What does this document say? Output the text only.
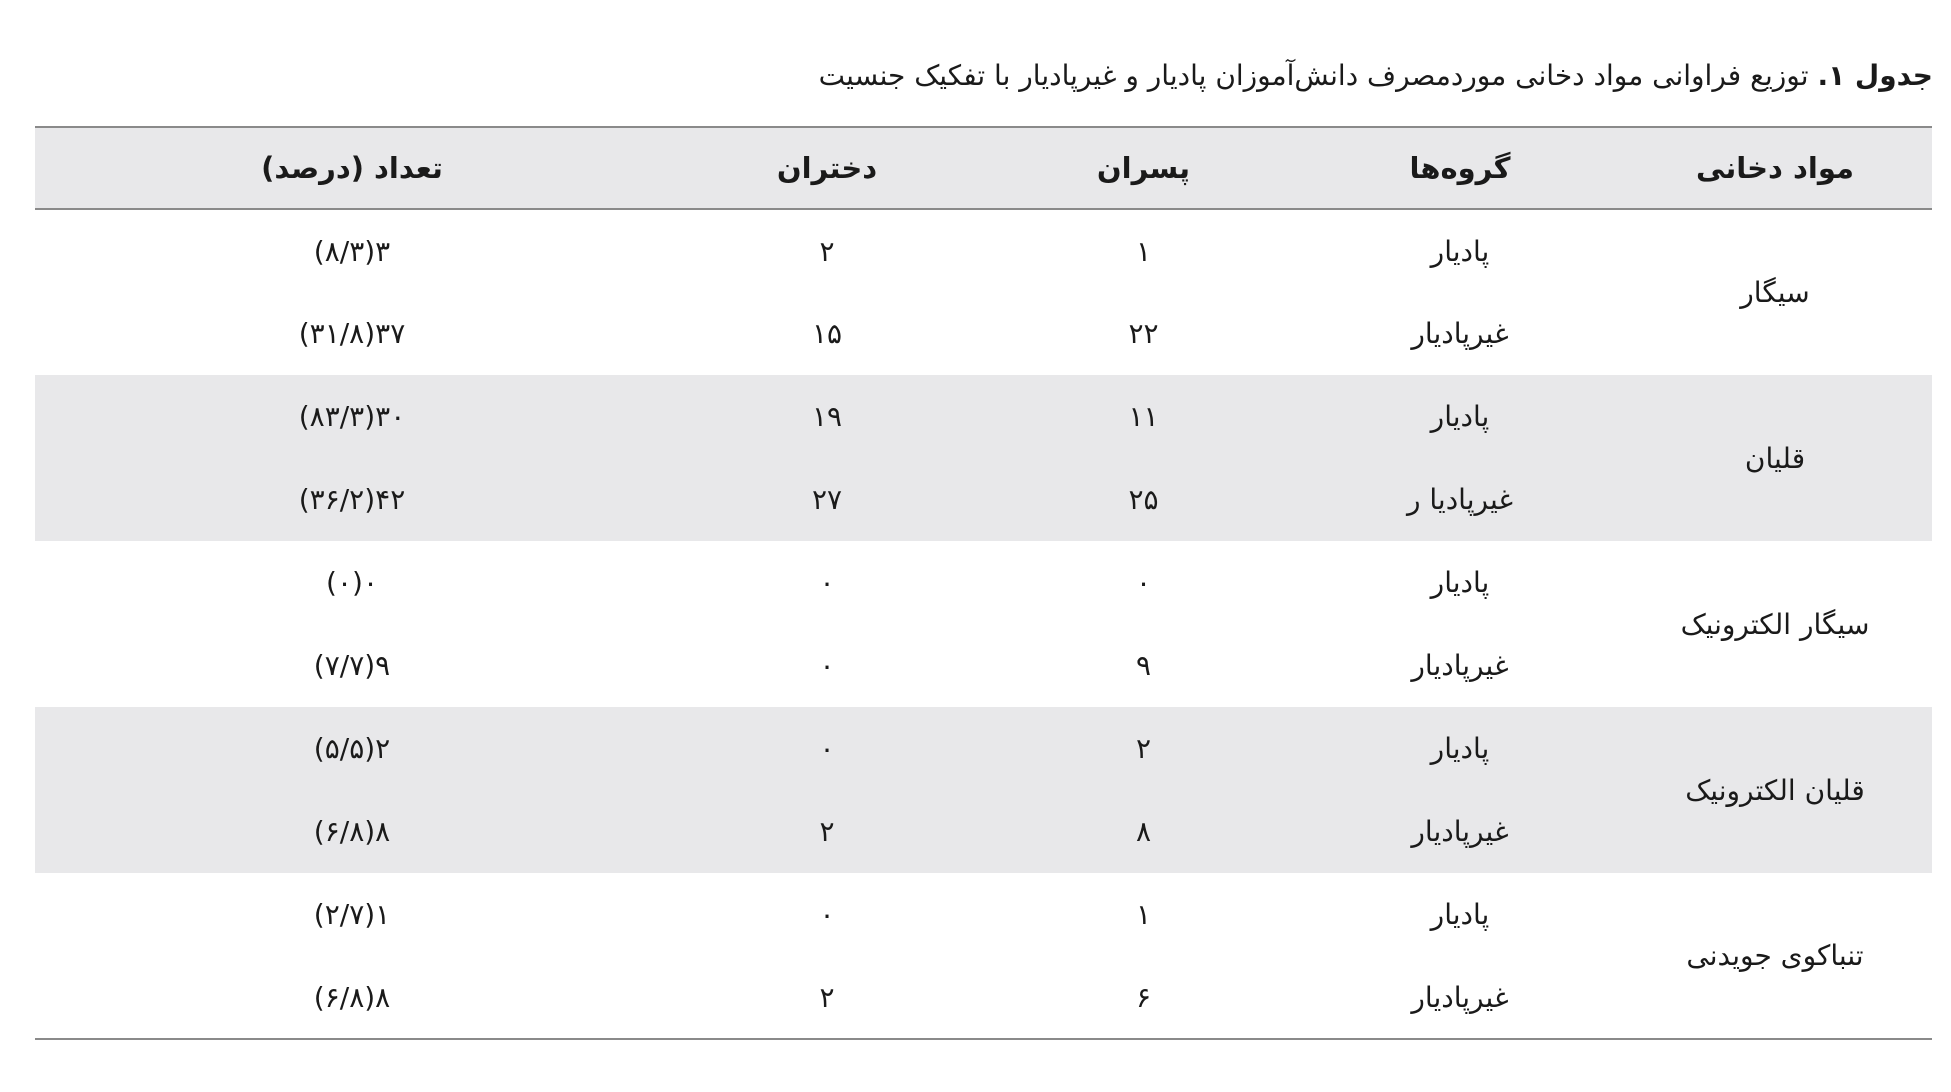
جدول ۱. توزیع فراوانی مواد دخانی موردمصرف دانش‌آموزان پادیار و غیرپادیار با تفکیک جنسیت
مواد دخانی	گروه‌ها	پسران	دختران	تعداد (درصد)
سیگار	پادیار	۱	۲	۳(۸/۳)
	غیرپادیار	۲۲	۱۵	۳۷(۳۱/۸)
قلیان	پادیار	۱۱	۱۹	۳۰(۸۳/۳)
	غیرپادیا ر	۲۵	۲۷	۴۲(۳۶/۲)
سیگار الکترونیک	پادیار	۰	۰	۰(۰)
	غیرپادیار	۹	۰	۹(۷/۷)
قلیان الکترونیک	پادیار	۲	۰	۲(۵/۵)
	غیرپادیار	۸	۲	۸(۶/۸)
تنباکوی جویدنی	پادیار	۱	۰	۱(۲/۷)
	غیرپادیار	۶	۲	۸(۶/۸)
